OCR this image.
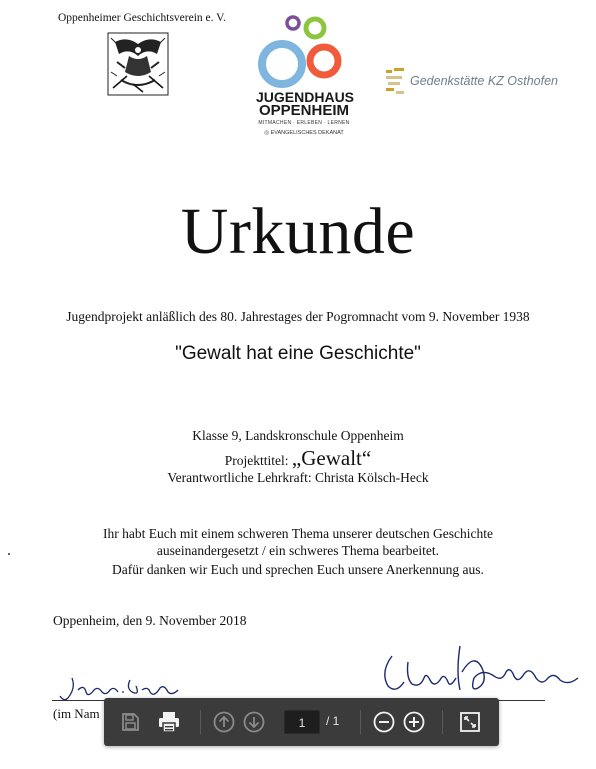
Oppenheimer Geschichtsverein e. V.
JUGENDHAUS
OPPENHEIM
MITMACHEN · ERLEBEN · LERNEN
◎ EVANGELISCHES DEKANAT
Gedenkstätte KZ Osthofen
Urkunde
Jugendprojekt anläßlich des 80. Jahrestages der Pogromnacht vom 9. November 1938
"Gewalt hat eine Geschichte"
Klasse 9, Landskronschule Oppenheim
Projekttitel: „Gewalt“
Verantwortliche Lehrkraft: Christa Kölsch-Heck
Ihr habt Euch mit einem schweren Thema unserer deutschen Geschichte
auseinandergesetzt / ein schweres Thema bearbeitet.
Dafür danken wir Euch und sprechen Euch unsere Anerkennung aus.
Oppenheim, den 9. November 2018
(im Nam
1	/ 1
